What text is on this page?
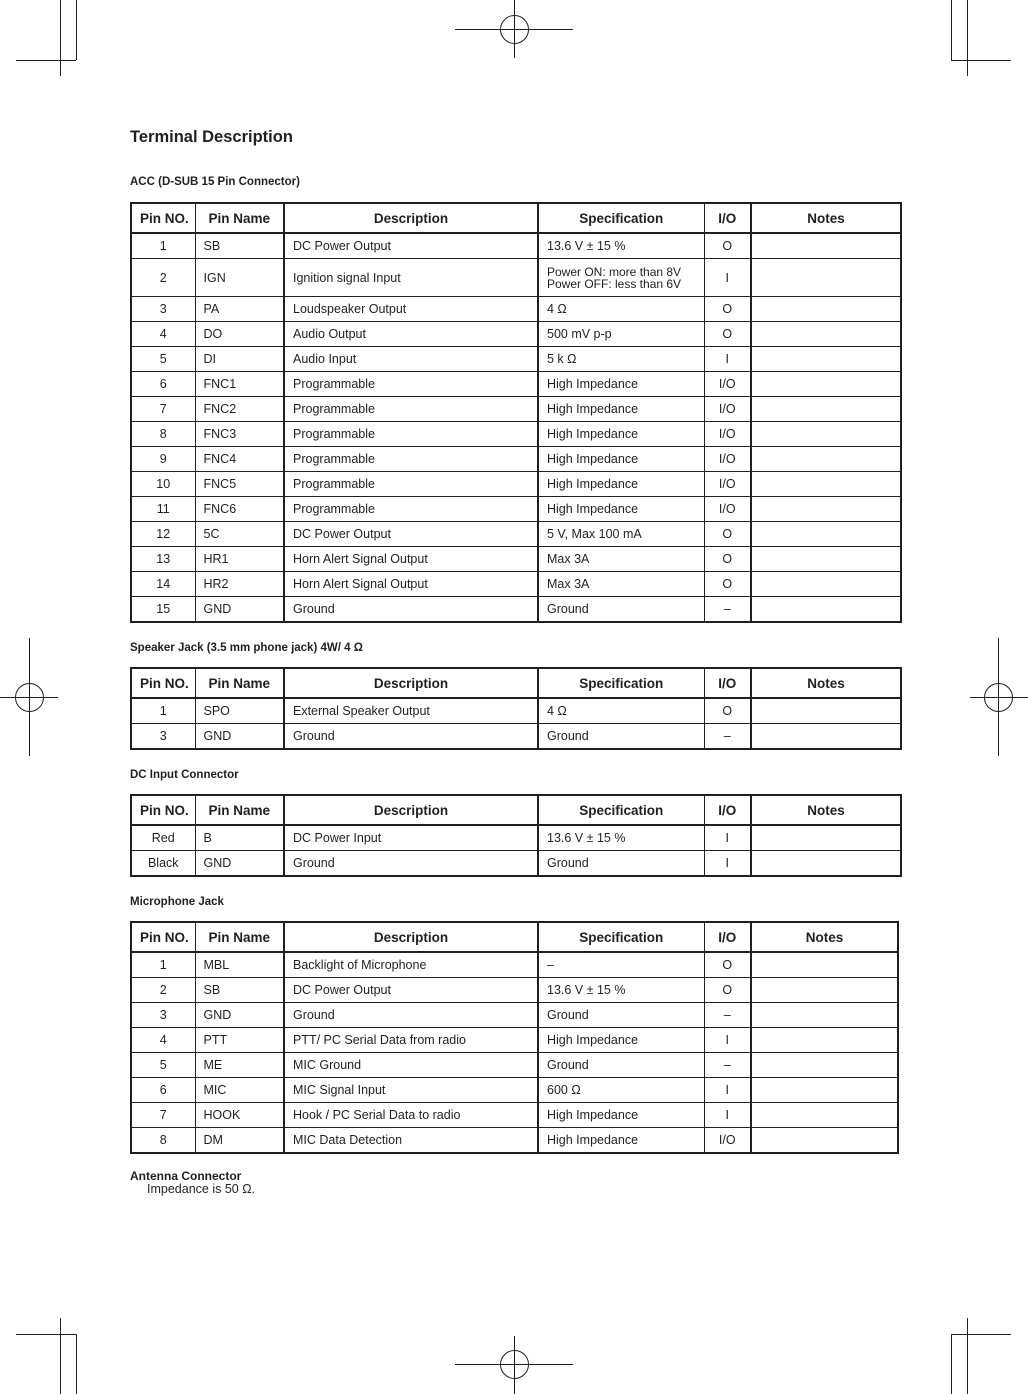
Terminal Description

ACC (D-SUB 15 Pin Connector)

Pin NO.	Pin Name	Description	Specification	I/O	Notes
1	SB	DC Power Output	13.6 V ± 15 %	O	
2	IGN	Ignition signal Input	Power ON: more than 8V
Power OFF: less than 6V	I	
3	PA	Loudspeaker Output	4 Ω	O	
4	DO	Audio Output	500 mV p-p	O	
5	DI	Audio Input	5 k Ω	I	
6	FNC1	Programmable	High Impedance	I/O	
7	FNC2	Programmable	High Impedance	I/O	
8	FNC3	Programmable	High Impedance	I/O	
9	FNC4	Programmable	High Impedance	I/O	
10	FNC5	Programmable	High Impedance	I/O	
11	FNC6	Programmable	High Impedance	I/O	
12	5C	DC Power Output	5 V, Max 100 mA	O	
13	HR1	Horn Alert Signal Output	Max 3A	O	
14	HR2	Horn Alert Signal Output	Max 3A	O	
15	GND	Ground	Ground	–	

Speaker Jack (3.5 mm phone jack) 4W/ 4 Ω

Pin NO.	Pin Name	Description	Specification	I/O	Notes
1	SPO	External Speaker Output	4 Ω	O	
3	GND	Ground	Ground	–	

DC Input Connector

Pin NO.	Pin Name	Description	Specification	I/O	Notes
Red	B	DC Power Input	13.6 V ± 15 %	I	
Black	GND	Ground	Ground	I	

Microphone Jack

Pin NO.	Pin Name	Description	Specification	I/O	Notes
1	MBL	Backlight of Microphone	–	O	
2	SB	DC Power Output	13.6 V ± 15 %	O	
3	GND	Ground	Ground	–	
4	PTT	PTT/ PC Serial Data from radio	High Impedance	I	
5	ME	MIC Ground	Ground	–	
6	MIC	MIC Signal Input	600 Ω	I	
7	HOOK	Hook / PC Serial Data to radio	High Impedance	I	
8	DM	MIC Data Detection	High Impedance	I/O	

Antenna Connector

Impedance is 50 Ω.
